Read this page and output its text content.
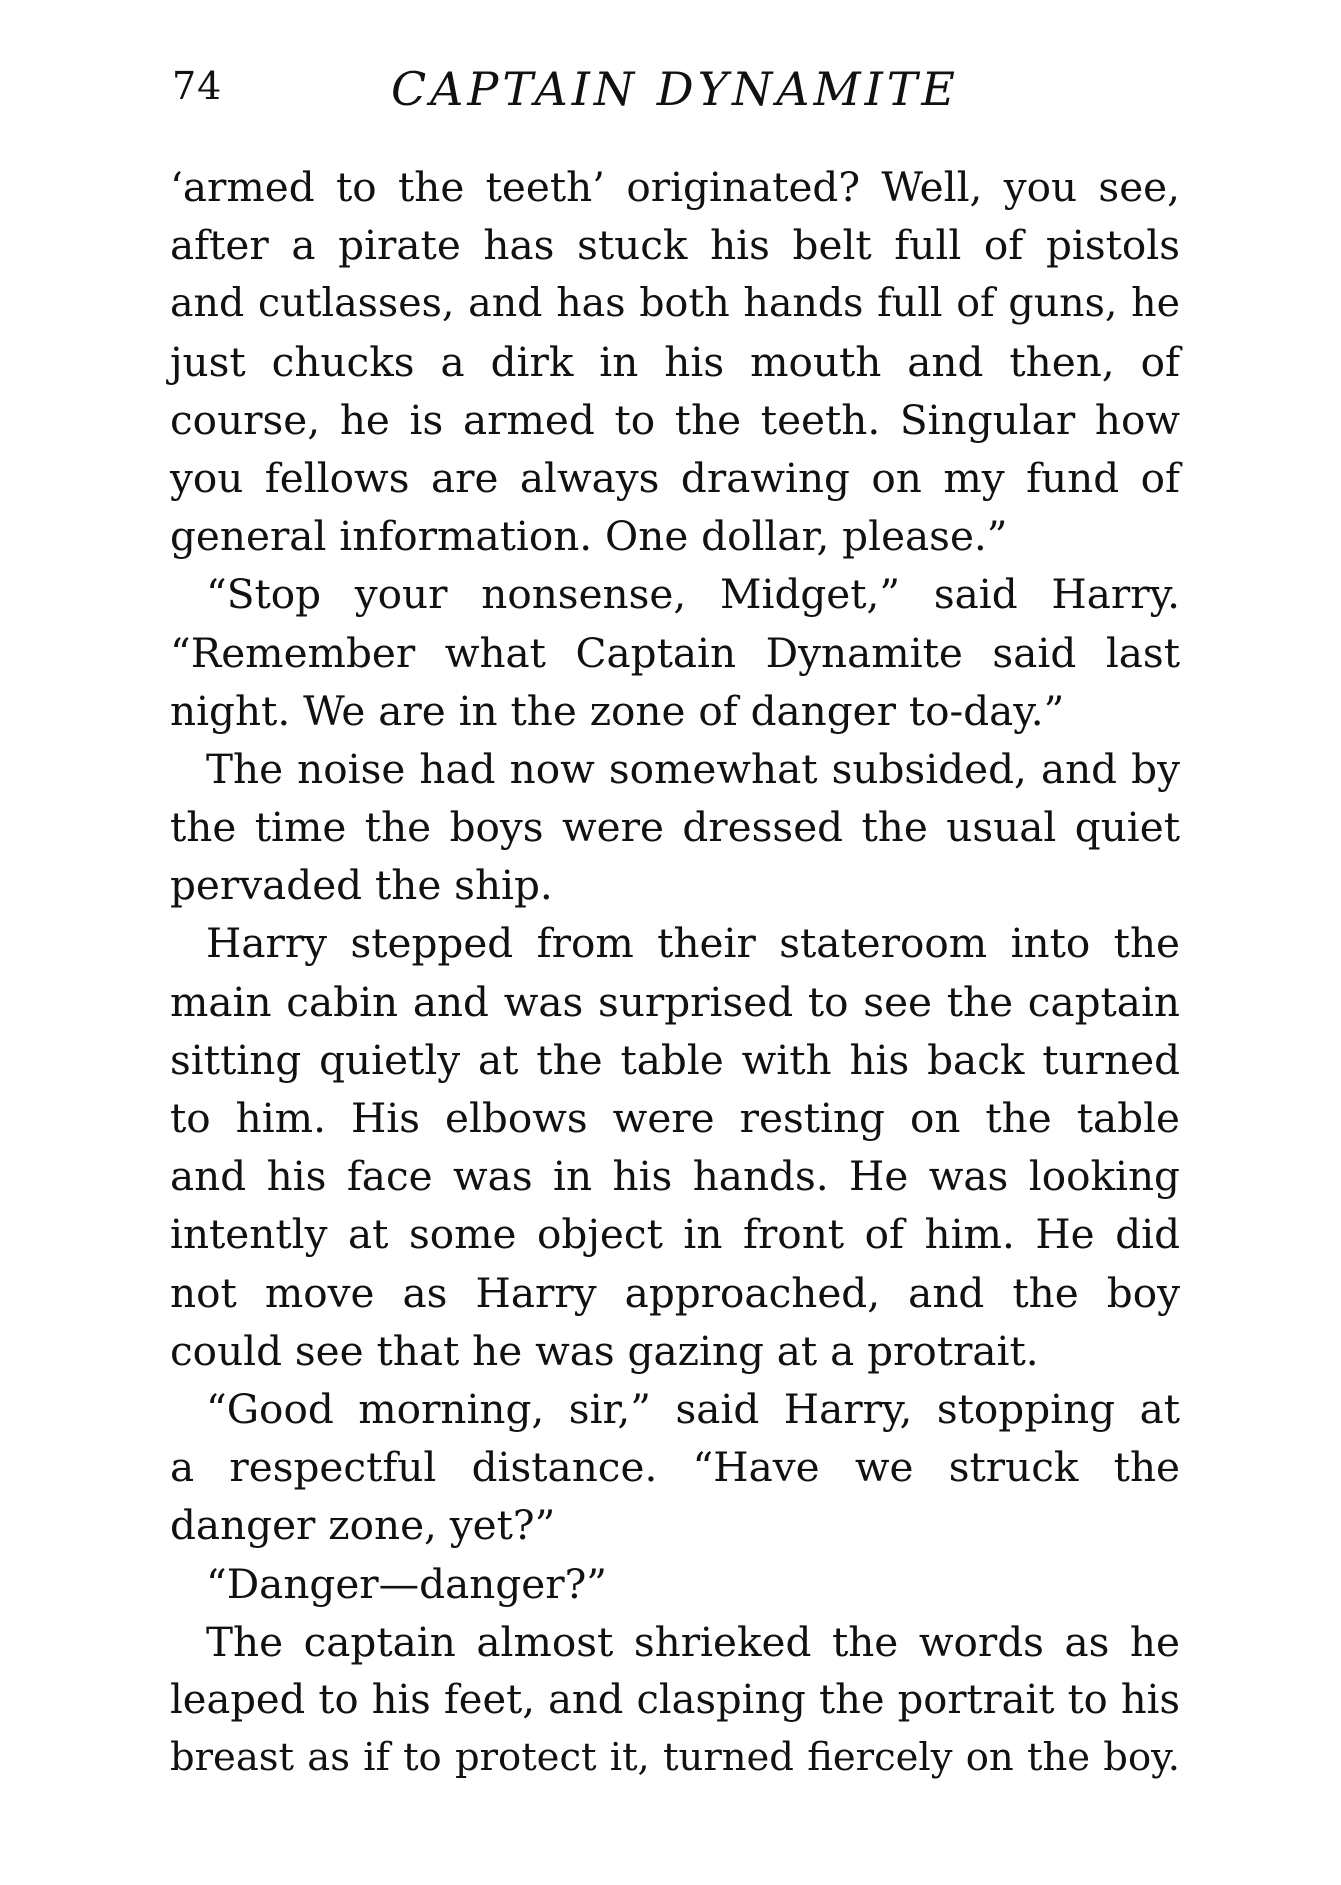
74	CAPTAIN DYNAMITE
‘armed to the teeth’ originated? Well, you see,
after a pirate has stuck his belt full of pistols
and cutlasses, and has both hands full of guns, he
just chucks a dirk in his mouth and then, of
course, he is armed to the teeth. Singular how
you fellows are always drawing on my fund of
general information. One dollar, please.”
“Stop your nonsense, Midget,” said Harry.
“Remember what Captain Dynamite said last
night. We are in the zone of danger to-day.”
The noise had now somewhat subsided, and by
the time the boys were dressed the usual quiet
pervaded the ship.
Harry stepped from their stateroom into the
main cabin and was surprised to see the captain
sitting quietly at the table with his back turned
to him. His elbows were resting on the table
and his face was in his hands. He was looking
intently at some object in front of him. He did
not move as Harry approached, and the boy
could see that he was gazing at a protrait.
“Good morning, sir,” said Harry, stopping at
a respectful distance. “Have we struck the
danger zone, yet?”
“Danger—danger?”
The captain almost shrieked the words as he
leaped to his feet, and clasping the portrait to his
breast as if to protect it, turned fiercely on the boy.
